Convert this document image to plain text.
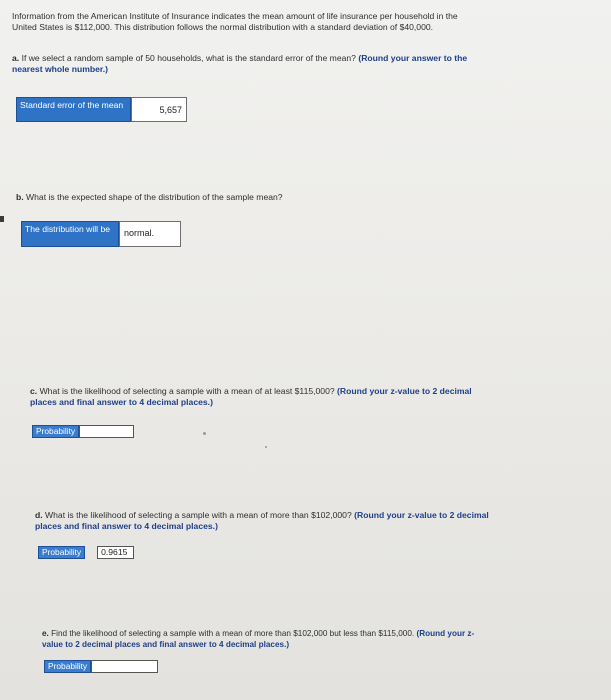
Information from the American Institute of Insurance indicates the mean amount of life insurance per household in the
United States is $112,000. This distribution follows the normal distribution with a standard deviation of $40,000.
a. If we select a random sample of 50 households, what is the standard error of the mean? (Round your answer to the
nearest whole number.)
Standard error of the mean	5,657
b. What is the expected shape of the distribution of the sample mean?
The distribution will be	normal.
c. What is the likelihood of selecting a sample with a mean of at least $115,000? (Round your z-value to 2 decimal
places and final answer to 4 decimal places.)
Probability
d. What is the likelihood of selecting a sample with a mean of more than $102,000? (Round your z-value to 2 decimal
places and final answer to 4 decimal places.)
Probability	0.9615
e. Find the likelihood of selecting a sample with a mean of more than $102,000 but less than $115,000. (Round your z-
value to 2 decimal places and final answer to 4 decimal places.)
Probability
